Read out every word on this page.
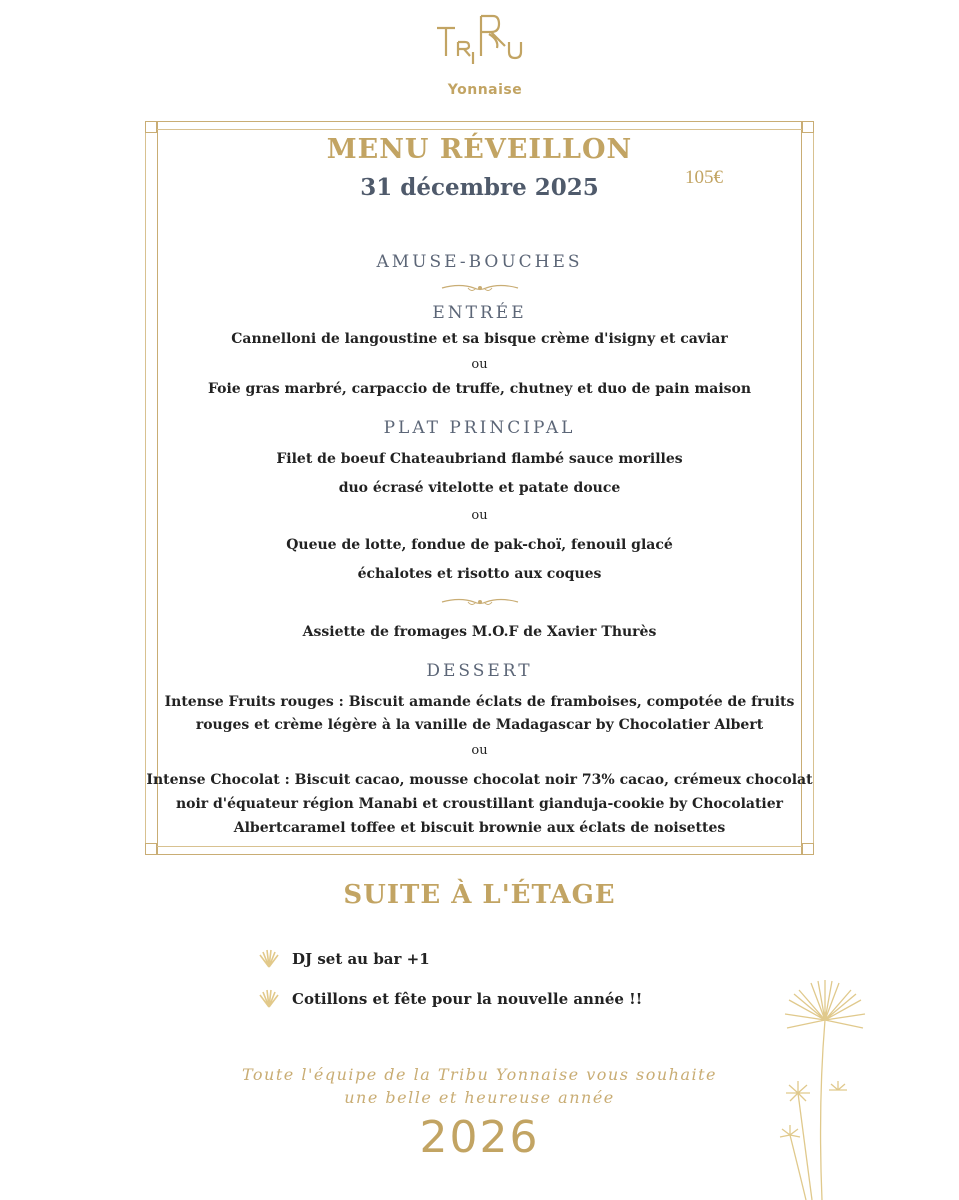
Yonnaise
MENU RÉVEILLON
31 décembre 2025	105€
AMUSE-BOUCHES
ENTRÉE
Cannelloni de langoustine et sa bisque crème d'isigny et caviar
ou
Foie gras marbré, carpaccio de truffe, chutney et duo de pain maison
PLAT PRINCIPAL
Filet de boeuf Chateaubriand flambé sauce morilles
duo écrasé vitelotte et patate douce
ou
Queue de lotte, fondue de pak-choï, fenouil glacé
échalotes et risotto aux coques
Assiette de fromages M.O.F de Xavier Thurès
DESSERT
Intense Fruits rouges : Biscuit amande éclats de framboises, compotée de fruits
rouges et crème légère à la vanille de Madagascar by Chocolatier Albert
ou
Intense Chocolat : Biscuit cacao, mousse chocolat noir 73% cacao, crémeux chocolat
noir d'équateur région Manabi et croustillant gianduja-cookie by Chocolatier
Albertcaramel toffee et biscuit brownie aux éclats de noisettes
SUITE À L'ÉTAGE
DJ set au bar +1
Cotillons et fête pour la nouvelle année !!
Toute l'équipe de la Tribu Yonnaise vous souhaite
une belle et heureuse année
2026
